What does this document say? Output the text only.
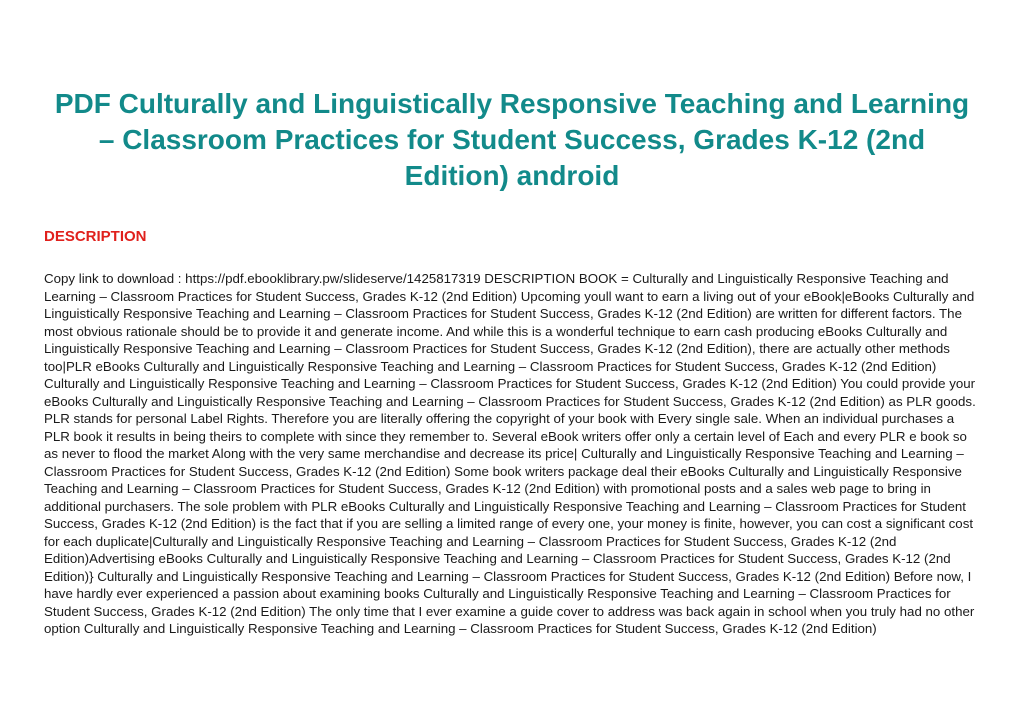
PDF Culturally and Linguistically Responsive Teaching and Learning – Classroom Practices for Student Success, Grades K-12 (2nd Edition) android
DESCRIPTION

Copy link to download : https://pdf.ebooklibrary.pw/slideserve/1425817319 DESCRIPTION BOOK = Culturally and Linguistically Responsive Teaching and Learning – Classroom Practices for Student Success, Grades K-12 (2nd Edition) Upcoming youll want to earn a living out of your eBook|eBooks Culturally and Linguistically Responsive Teaching and Learning – Classroom Practices for Student Success, Grades K-12 (2nd Edition) are written for different factors. The most obvious rationale should be to provide it and generate income. And while this is a wonderful technique to earn cash producing eBooks Culturally and Linguistically Responsive Teaching and Learning – Classroom Practices for Student Success, Grades K-12 (2nd Edition), there are actually other methods too|PLR eBooks Culturally and Linguistically Responsive Teaching and Learning – Classroom Practices for Student Success, Grades K-12 (2nd Edition) Culturally and Linguistically Responsive Teaching and Learning – Classroom Practices for Student Success, Grades K-12 (2nd Edition) You could provide your eBooks Culturally and Linguistically Responsive Teaching and Learning – Classroom Practices for Student Success, Grades K-12 (2nd Edition) as PLR goods. PLR stands for personal Label Rights. Therefore you are literally offering the copyright of your book with Every single sale. When an individual purchases a PLR book it results in being theirs to complete with since they remember to. Several eBook writers offer only a certain level of Each and every PLR e book so as never to flood the market Along with the very same merchandise and decrease its price| Culturally and Linguistically Responsive Teaching and Learning – Classroom Practices for Student Success, Grades K-12 (2nd Edition) Some book writers package deal their eBooks Culturally and Linguistically Responsive Teaching and Learning – Classroom Practices for Student Success, Grades K-12 (2nd Edition) with promotional posts and a sales web page to bring in additional purchasers. The sole problem with PLR eBooks Culturally and Linguistically Responsive Teaching and Learning – Classroom Practices for Student Success, Grades K-12 (2nd Edition) is the fact that if you are selling a limited range of every one, your money is finite, however, you can cost a significant cost for each duplicate|Culturally and Linguistically Responsive Teaching and Learning – Classroom Practices for Student Success, Grades K-12 (2nd Edition)Advertising eBooks Culturally and Linguistically Responsive Teaching and Learning – Classroom Practices for Student Success, Grades K-12 (2nd Edition)} Culturally and Linguistically Responsive Teaching and Learning – Classroom Practices for Student Success, Grades K-12 (2nd Edition) Before now, I have hardly ever experienced a passion about examining books Culturally and Linguistically Responsive Teaching and Learning – Classroom Practices for Student Success, Grades K-12 (2nd Edition) The only time that I ever examine a guide cover to address was back again in school when you truly had no other option Culturally and Linguistically Responsive Teaching and Learning – Classroom Practices for Student Success, Grades K-12 (2nd Edition)
